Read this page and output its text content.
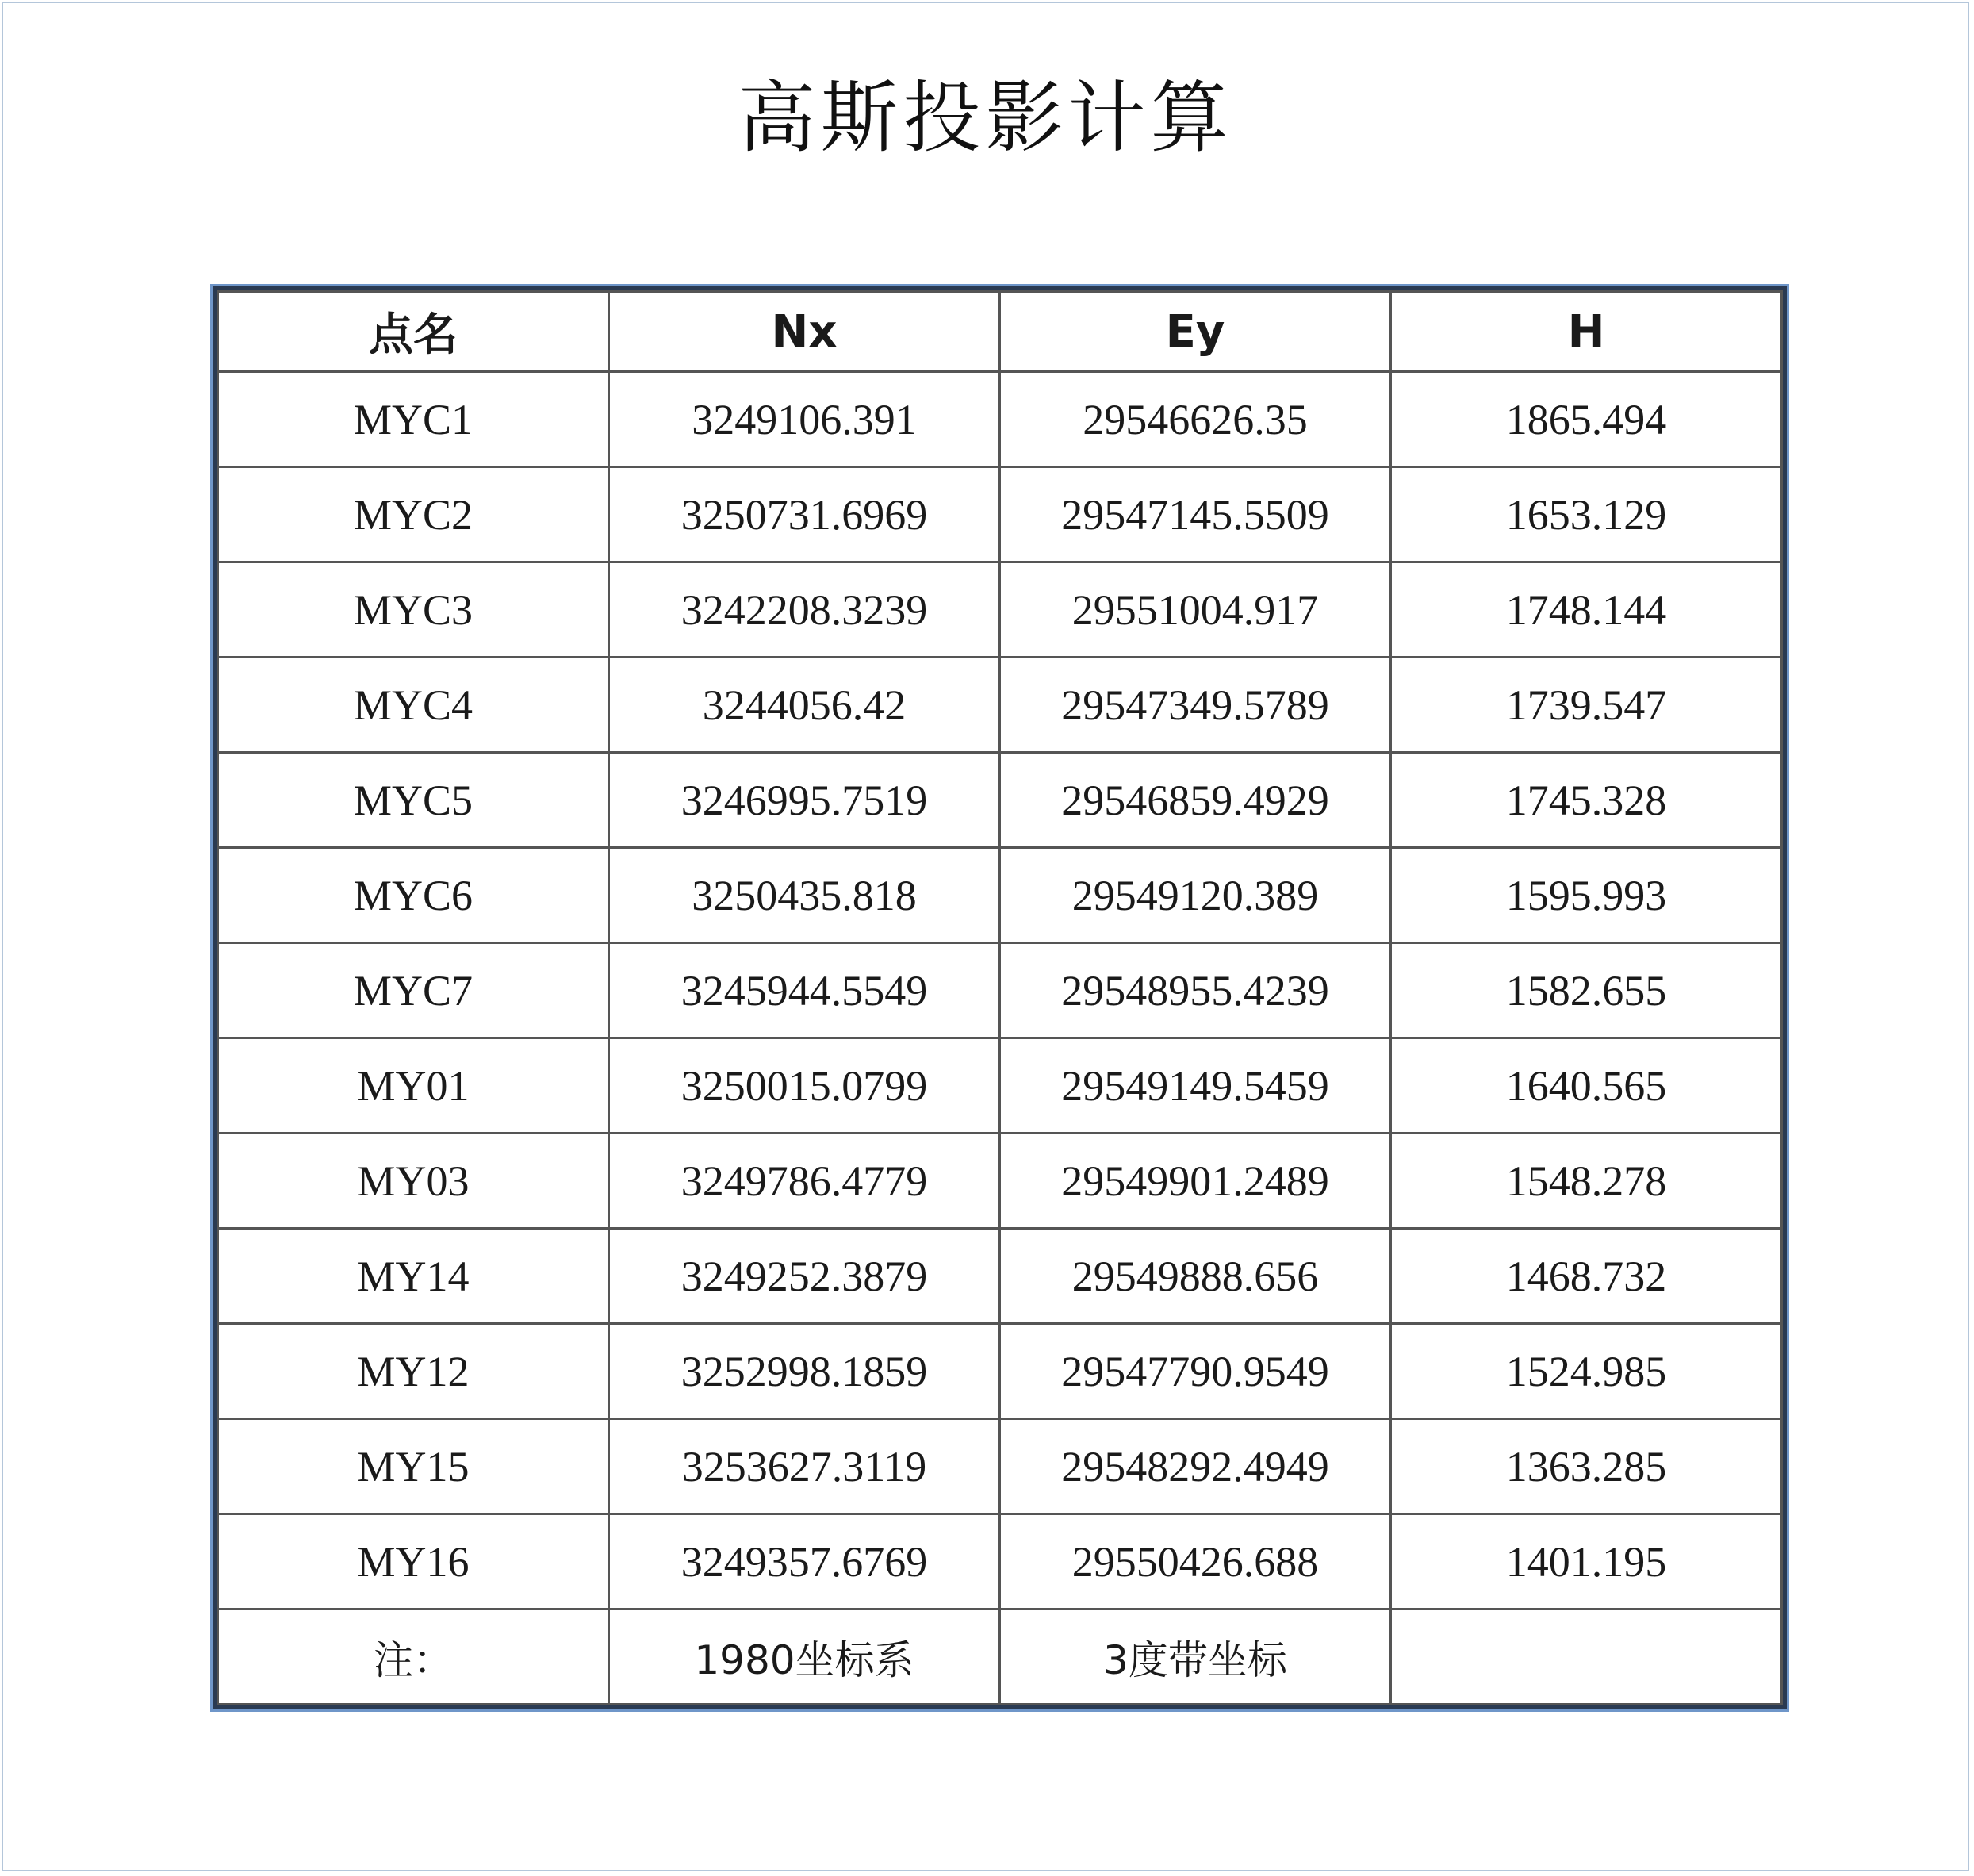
高斯投影计算
点名	Nx	Ey	H
MYC1	3249106.391	29546626.35	1865.494
MYC2	3250731.6969	29547145.5509	1653.129
MYC3	3242208.3239	29551004.917	1748.144
MYC4	3244056.42	29547349.5789	1739.547
MYC5	3246995.7519	29546859.4929	1745.328
MYC6	3250435.818	29549120.389	1595.993
MYC7	3245944.5549	29548955.4239	1582.655
MY01	3250015.0799	29549149.5459	1640.565
MY03	3249786.4779	29549901.2489	1548.278
MY14	3249252.3879	29549888.656	1468.732
MY12	3252998.1859	29547790.9549	1524.985
MY15	3253627.3119	29548292.4949	1363.285
MY16	3249357.6769	29550426.688	1401.195
注：	1980坐标系	3度带坐标	
